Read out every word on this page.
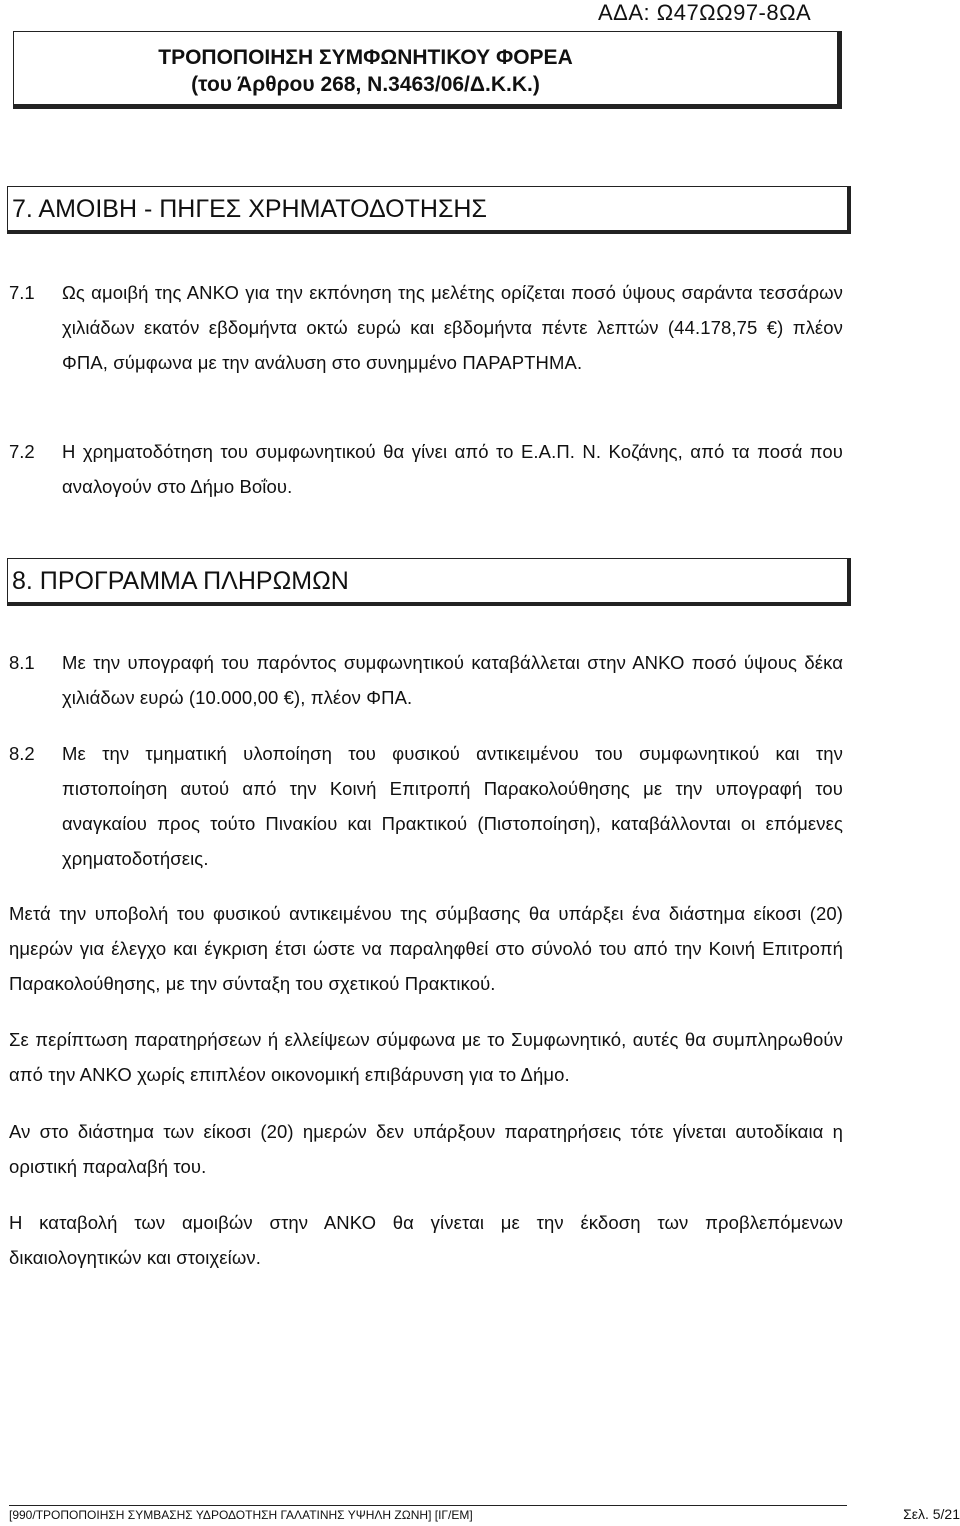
ΑΔΑ: Ω47ΩΩ97-8ΩΑ
ΤΡΟΠΟΠΟΙΗΣΗ ΣΥΜΦΩΝΗΤΙΚΟΥ ΦΟΡΕΑ
(του Άρθρου 268, Ν.3463/06/Δ.Κ.Κ.)
7. ΑΜΟΙΒΗ - ΠΗΓΕΣ ΧΡΗΜΑΤΟΔΟΤΗΣΗΣ
7.1 Ως αμοιβή της ΑΝΚΟ για την εκπόνηση της μελέτης ορίζεται ποσό ύψους σαράντα τεσσάρων χιλιάδων εκατόν εβδομήντα οκτώ ευρώ και εβδομήντα πέντε λεπτών (44.178,75 €) πλέον ΦΠΑ, σύμφωνα με την ανάλυση στο συνημμένο ΠΑΡΑΡΤΗΜΑ.
7.2 Η χρηματοδότηση του συμφωνητικού θα γίνει από το Ε.Α.Π. Ν. Κοζάνης, από τα ποσά που αναλογούν στο Δήμο Βοΐου.
8. ΠΡΟΓΡΑΜΜΑ ΠΛΗΡΩΜΩΝ
8.1 Με την υπογραφή του παρόντος συμφωνητικού καταβάλλεται στην ΑΝΚΟ ποσό ύψους δέκα χιλιάδων ευρώ (10.000,00 €), πλέον ΦΠΑ.
8.2 Με την τμηματική υλοποίηση του φυσικού αντικειμένου του συμφωνητικού και την πιστοποίηση αυτού από την Κοινή Επιτροπή Παρακολούθησης με την υπογραφή του αναγκαίου προς τούτο Πινακίου και Πρακτικού (Πιστοποίηση), καταβάλλονται οι επόμενες χρηματοδοτήσεις.
Μετά την υποβολή του φυσικού αντικειμένου της σύμβασης θα υπάρξει ένα διάστημα είκοσι (20) ημερών για έλεγχο και έγκριση έτσι ώστε να παραληφθεί στο σύνολό του από την Κοινή Επιτροπή Παρακολούθησης, με την σύνταξη του σχετικού Πρακτικού.
Σε περίπτωση παρατηρήσεων ή ελλείψεων σύμφωνα με το Συμφωνητικό, αυτές θα συμπληρωθούν από την ΑΝΚΟ χωρίς επιπλέον οικονομική επιβάρυνση για το Δήμο.
Αν στο διάστημα των είκοσι (20) ημερών δεν υπάρξουν παρατηρήσεις τότε γίνεται αυτοδίκαια η οριστική παραλαβή του.
Η καταβολή των αμοιβών στην ΑΝΚΟ θα γίνεται με την έκδοση των προβλεπόμενων δικαιολογητικών και στοιχείων.
[990/ΤΡΟΠΟΠΟΙΗΣΗ ΣΥΜΒΑΣΗΣ ΥΔΡΟΔΟΤΗΣΗ ΓΑΛΑΤΙΝΗΣ ΥΨΗΛΗ ΖΩΝΗ] [ΙΓ/ΕΜ]	Σελ. 5/21
